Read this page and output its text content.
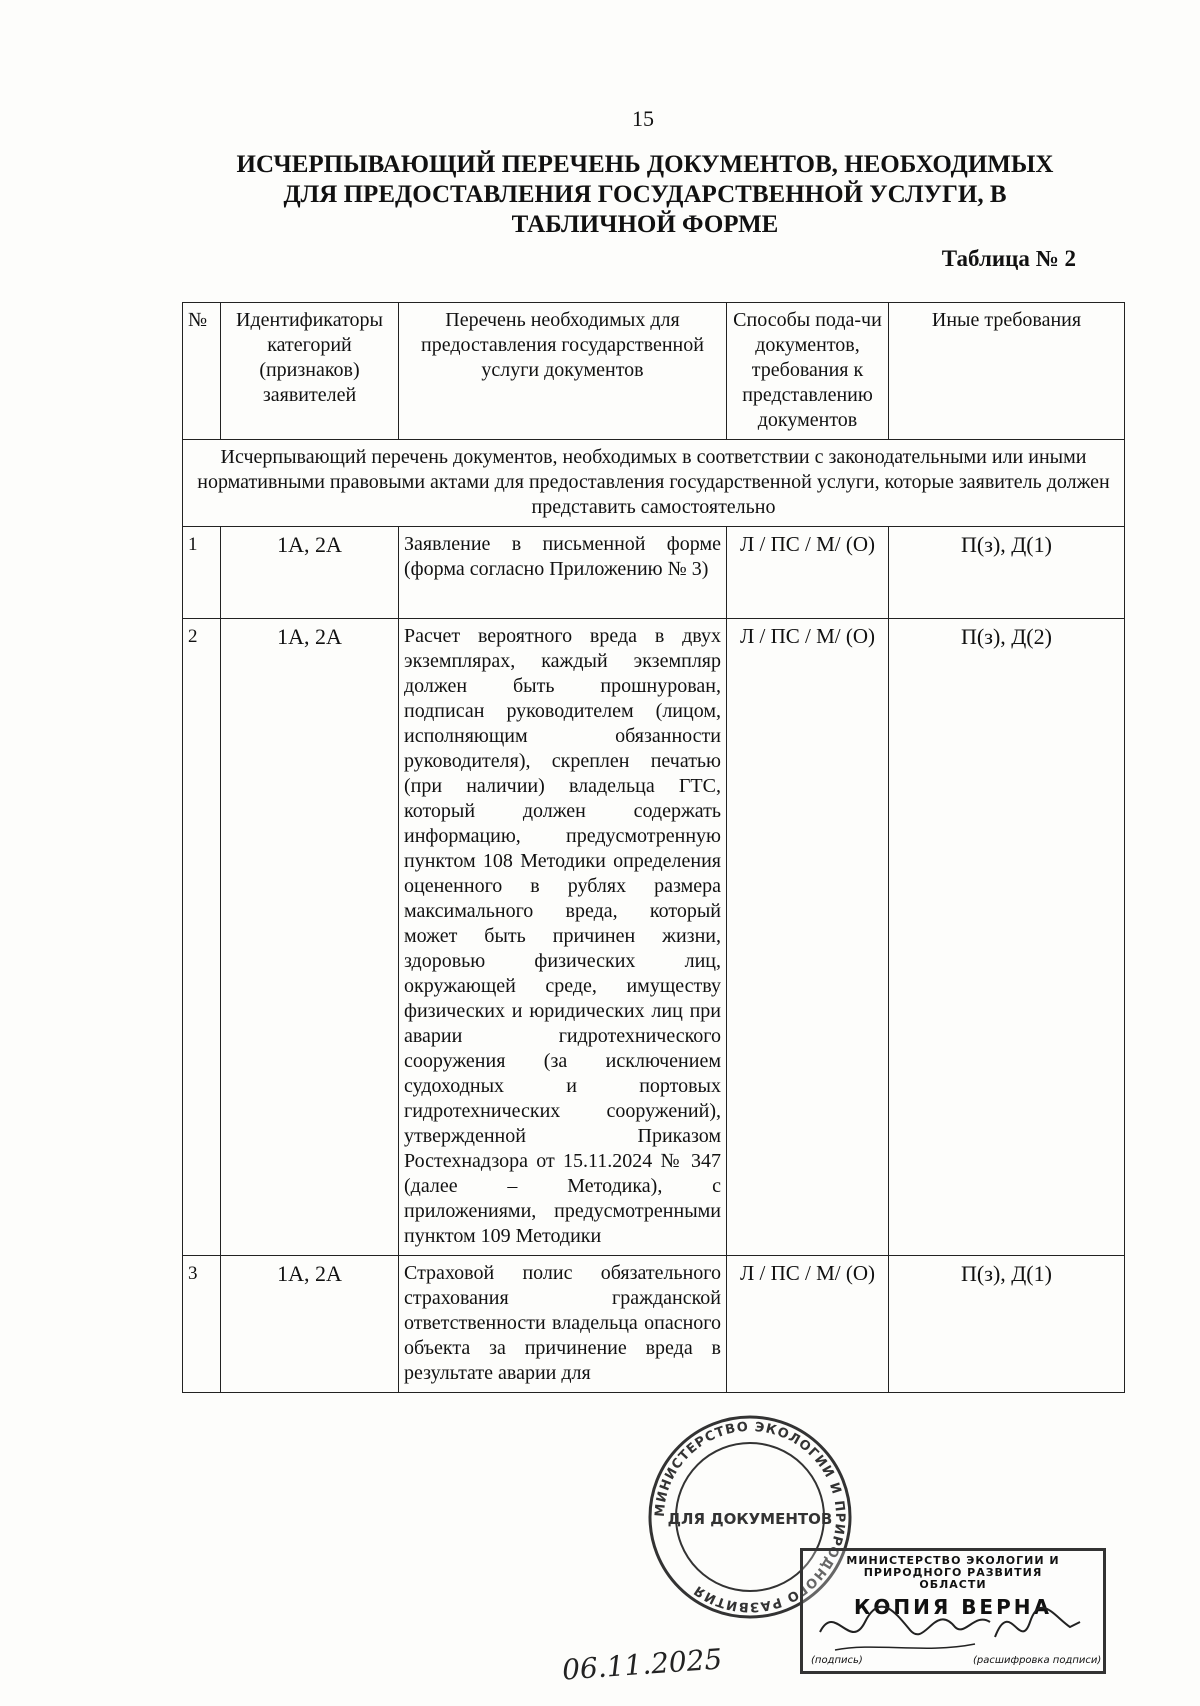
15
ИСЧЕРПЫВАЮЩИЙ ПЕРЕЧЕНЬ ДОКУМЕНТОВ, НЕОБХОДИМЫХ
ДЛЯ ПРЕДОСТАВЛЕНИЯ ГОСУДАРСТВЕННОЙ УСЛУГИ, В
ТАБЛИЧНОЙ ФОРМЕ
Таблица № 2
№	Идентификаторы категорий (признаков) заявителей	Перечень необходимых для предоставления государственной услуги документов	Способы пода-чи документов, требования к представлению документов	Иные требования
Исчерпывающий перечень документов, необходимых в соответствии с законодательными или иными нормативными правовыми актами для предоставления государственной услуги, которые заявитель должен представить самостоятельно				
1	1А, 2А	Заявление в письменной форме (форма согласно Приложению № 3)	Л / ПС / М/ (О)	П(з), Д(1)
2	1А, 2А	Расчет вероятного вреда в двух экземплярах, каждый экземпляр должен быть прошнурован, подписан руководителем (лицом, исполняющим обязанности руководителя), скреплен печатью (при наличии) владельца ГТС, который должен содержать информацию, предусмотренную пунктом 108 Методики определения оцененного в рублях размера максимального вреда, который может быть причинен жизни, здоровью физических лиц, окружающей среде, имуществу физических и юридических лиц при аварии гидротехнического сооружения (за исключением судоходных и портовых гидротехнических сооружений), утвержденной Приказом Ростехнадзора от 15.11.2024 № 347 (далее – Методика), с приложениями, предусмотренными пунктом 109 Методики	Л / ПС / М/ (О)	П(з), Д(2)
3	1А, 2А	Страховой полис обязательного страхования гражданской ответственности владельца опасного объекта за причинение вреда в результате аварии для	Л / ПС / М/ (О)	П(з), Д(1)
МИНИСТЕРСТВО ЭКОЛОГИИ И ПРИРОДНОГО РАЗВИТИЯ
ДЛЯ ДОКУМЕНТОВ
МИНИСТЕРСТВО ЭКОЛОГИИ И
ПРИРОДНОГО РАЗВИТИЯ
ОБЛАСТИ
КОПИЯ ВЕРНА
(подпись)	(расшифровка подписи)
06.11.2025
